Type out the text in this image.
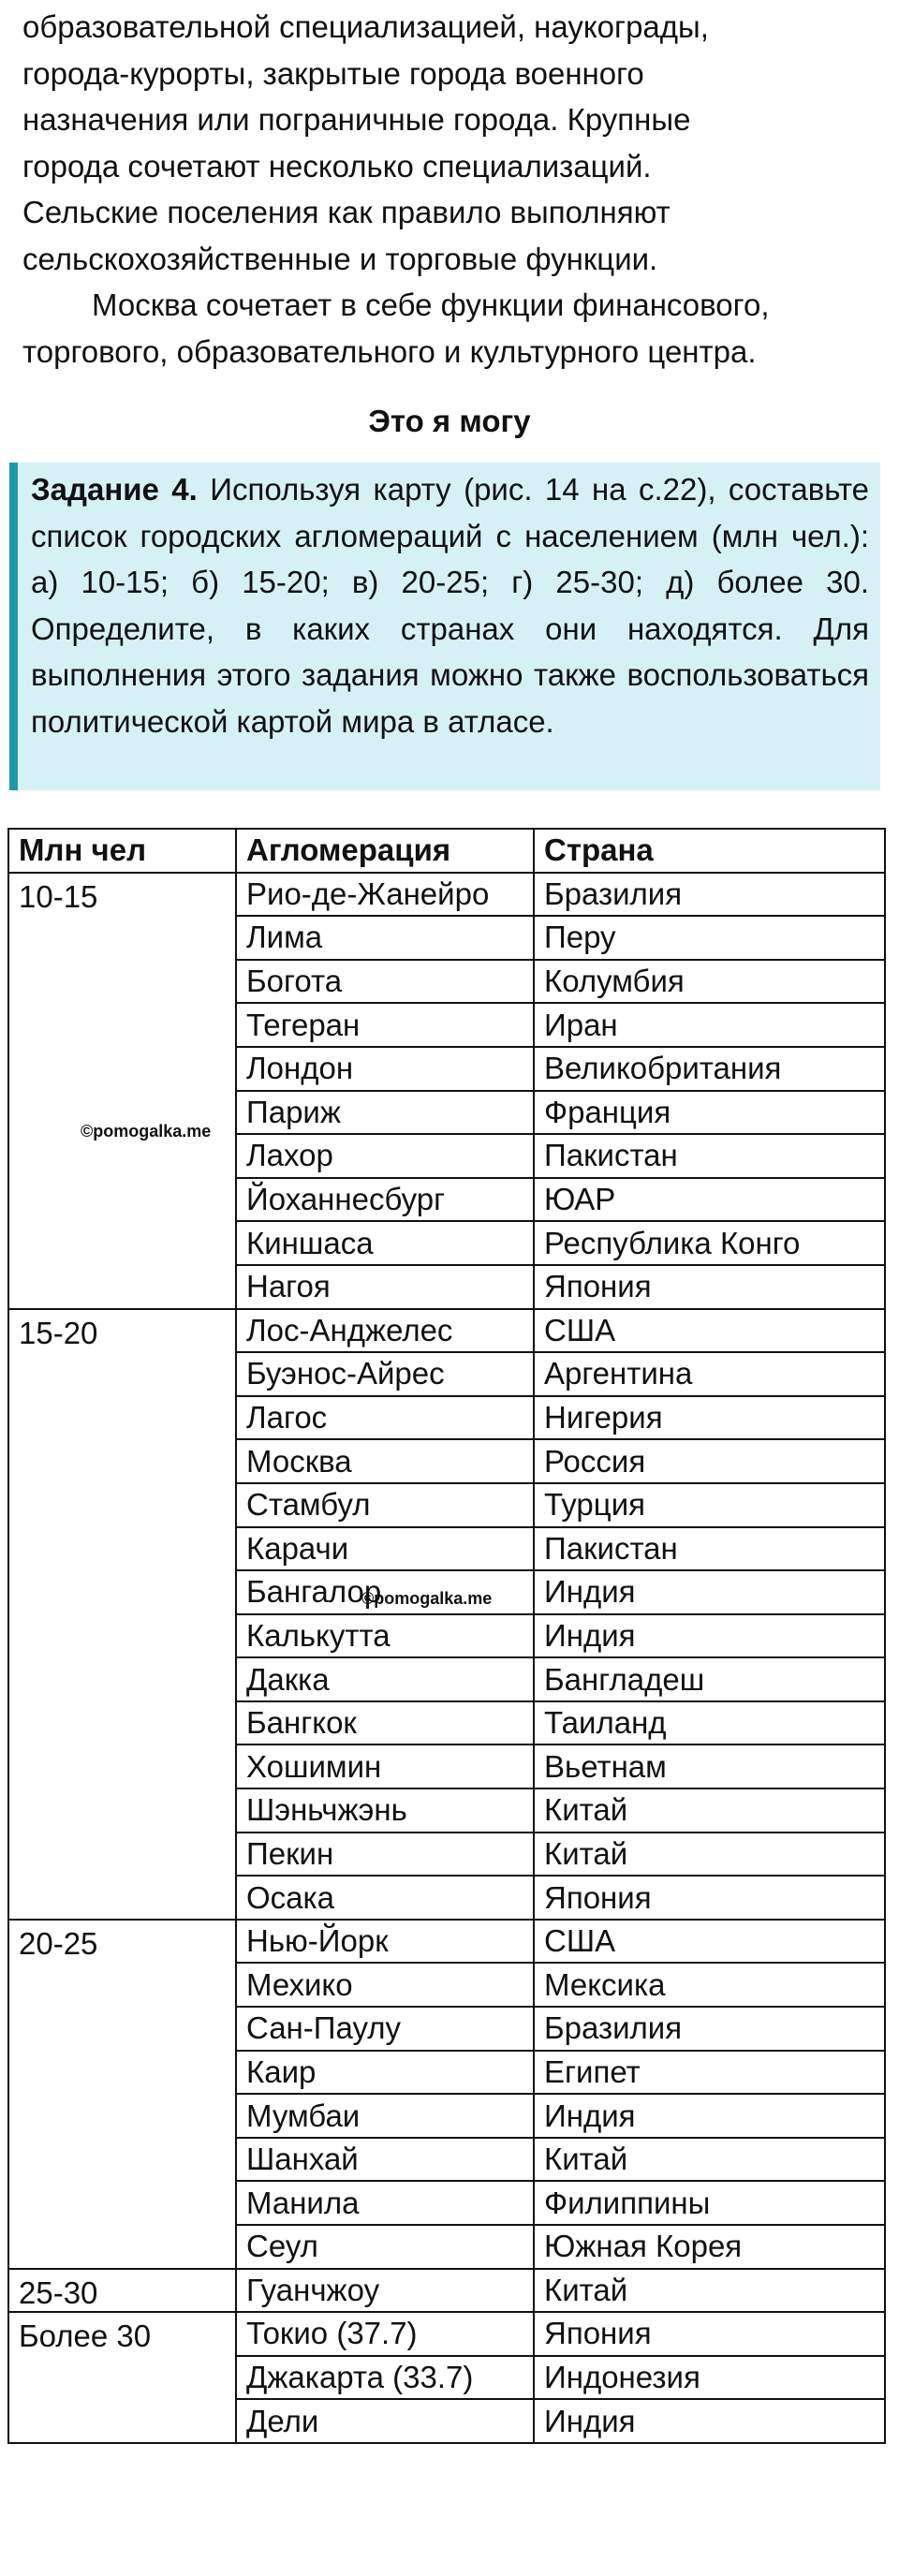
образовательной специализацией, наукограды,
города-курорты, закрытые города военного
назначения или пограничные города. Крупные
города сочетают несколько специализаций.
Сельские поселения как правило выполняют
сельскохозяйственные и торговые функции.
Москва сочетает в себе функции финансового,
торгового, образовательного и культурного центра.
Это я могу
Задание 4. Используя карту (рис. 14 на с.22), составьте список городских агломераций с населением (млн чел.): а) 10-15; б) 15-20; в) 20-25; г) 25-30; д) более 30. Определите, в каких странах они находятся. Для выполнения этого задания можно также воспользоваться политической картой мира в атласе.
Млн чел	Агломерация	Страна
10-15	Рио-де-Жанейро	Бразилия
	Лима	Перу
	Богота	Колумбия
	Тегеран	Иран
	Лондон	Великобритания
	Париж	Франция
	Лахор	Пакистан
	Йоханнесбург	ЮАР
	Киншаса	Республика Конго
	Нагоя	Япония
15-20	Лос-Анджелес	США
	Буэнос-Айрес	Аргентина
	Лагос	Нигерия
	Москва	Россия
	Стамбул	Турция
	Карачи	Пакистан
	Бангалор	Индия
	Калькутта	Индия
	Дакка	Бангладеш
	Бангкок	Таиланд
	Хошимин	Вьетнам
	Шэньчжэнь	Китай
	Пекин	Китай
	Осака	Япония
20-25	Нью-Йорк	США
	Мехико	Мексика
	Сан-Паулу	Бразилия
	Каир	Египет
	Мумбаи	Индия
	Шанхай	Китай
	Манила	Филиппины
	Сеул	Южная Корея
25-30	Гуанчжоу	Китай
Более 30	Токио (37.7)	Япония
	Джакарта (33.7)	Индонезия
	Дели	Индия
©pomogalka.me
©pomogalka.me
